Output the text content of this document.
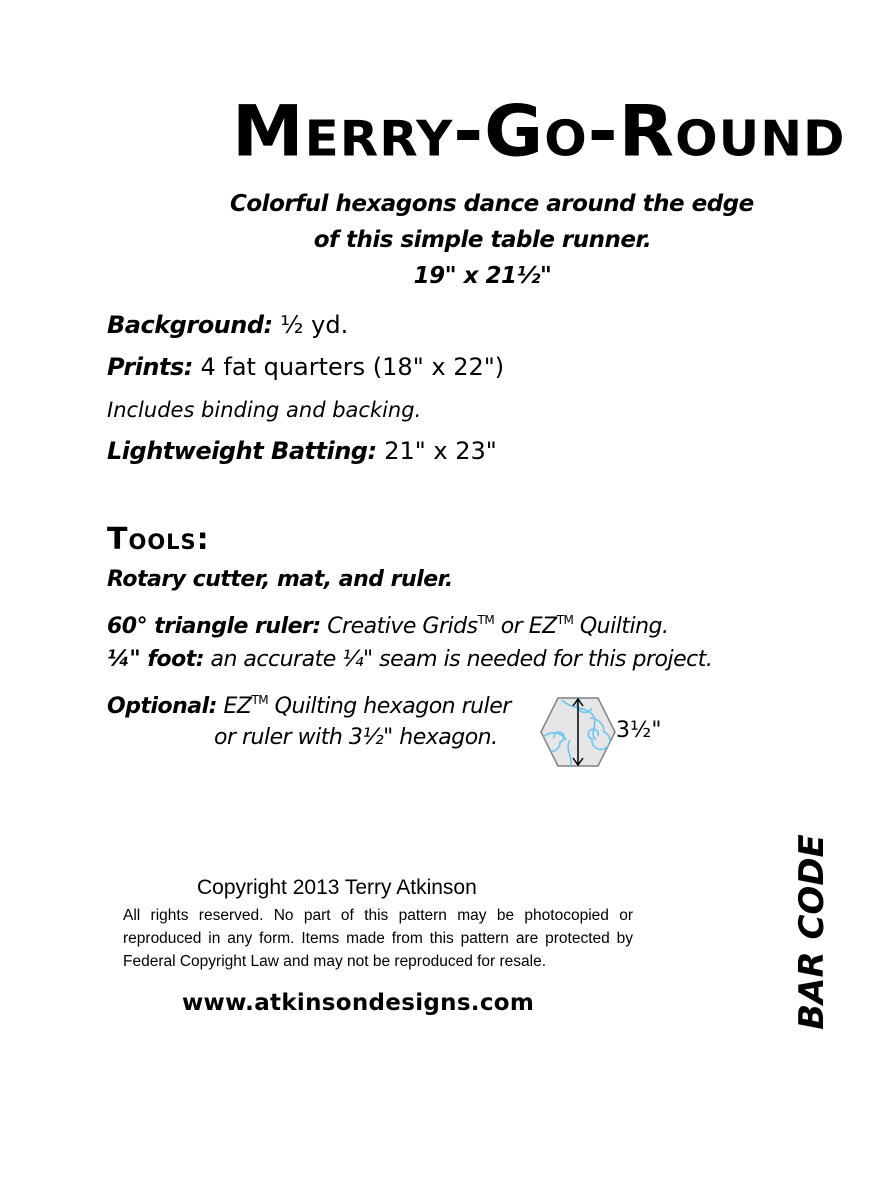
Merry-Go-Round
Colorful hexagons dance around the edge
of this simple table runner.
19" x 21½"
Background: ½ yd.
Prints: 4 fat quarters (18" x 22")
Includes binding and backing.
Lightweight Batting: 21" x 23"
Tools:
Rotary cutter, mat, and ruler.
60° triangle ruler: Creative Grids™ or EZ™ Quilting.
¼" foot: an accurate ¼" seam is needed for this project.
Optional: EZ™ Quilting hexagon ruler
or ruler with 3½" hexagon.	3½"
Copyright 2013 Terry Atkinson
All rights reserved. No part of this pattern may be photocopied or reproduced in any form. Items made from this pattern are protected by Federal Copyright Law and may not be reproduced for resale.
www.atkinsondesigns.com	BAR CODE
